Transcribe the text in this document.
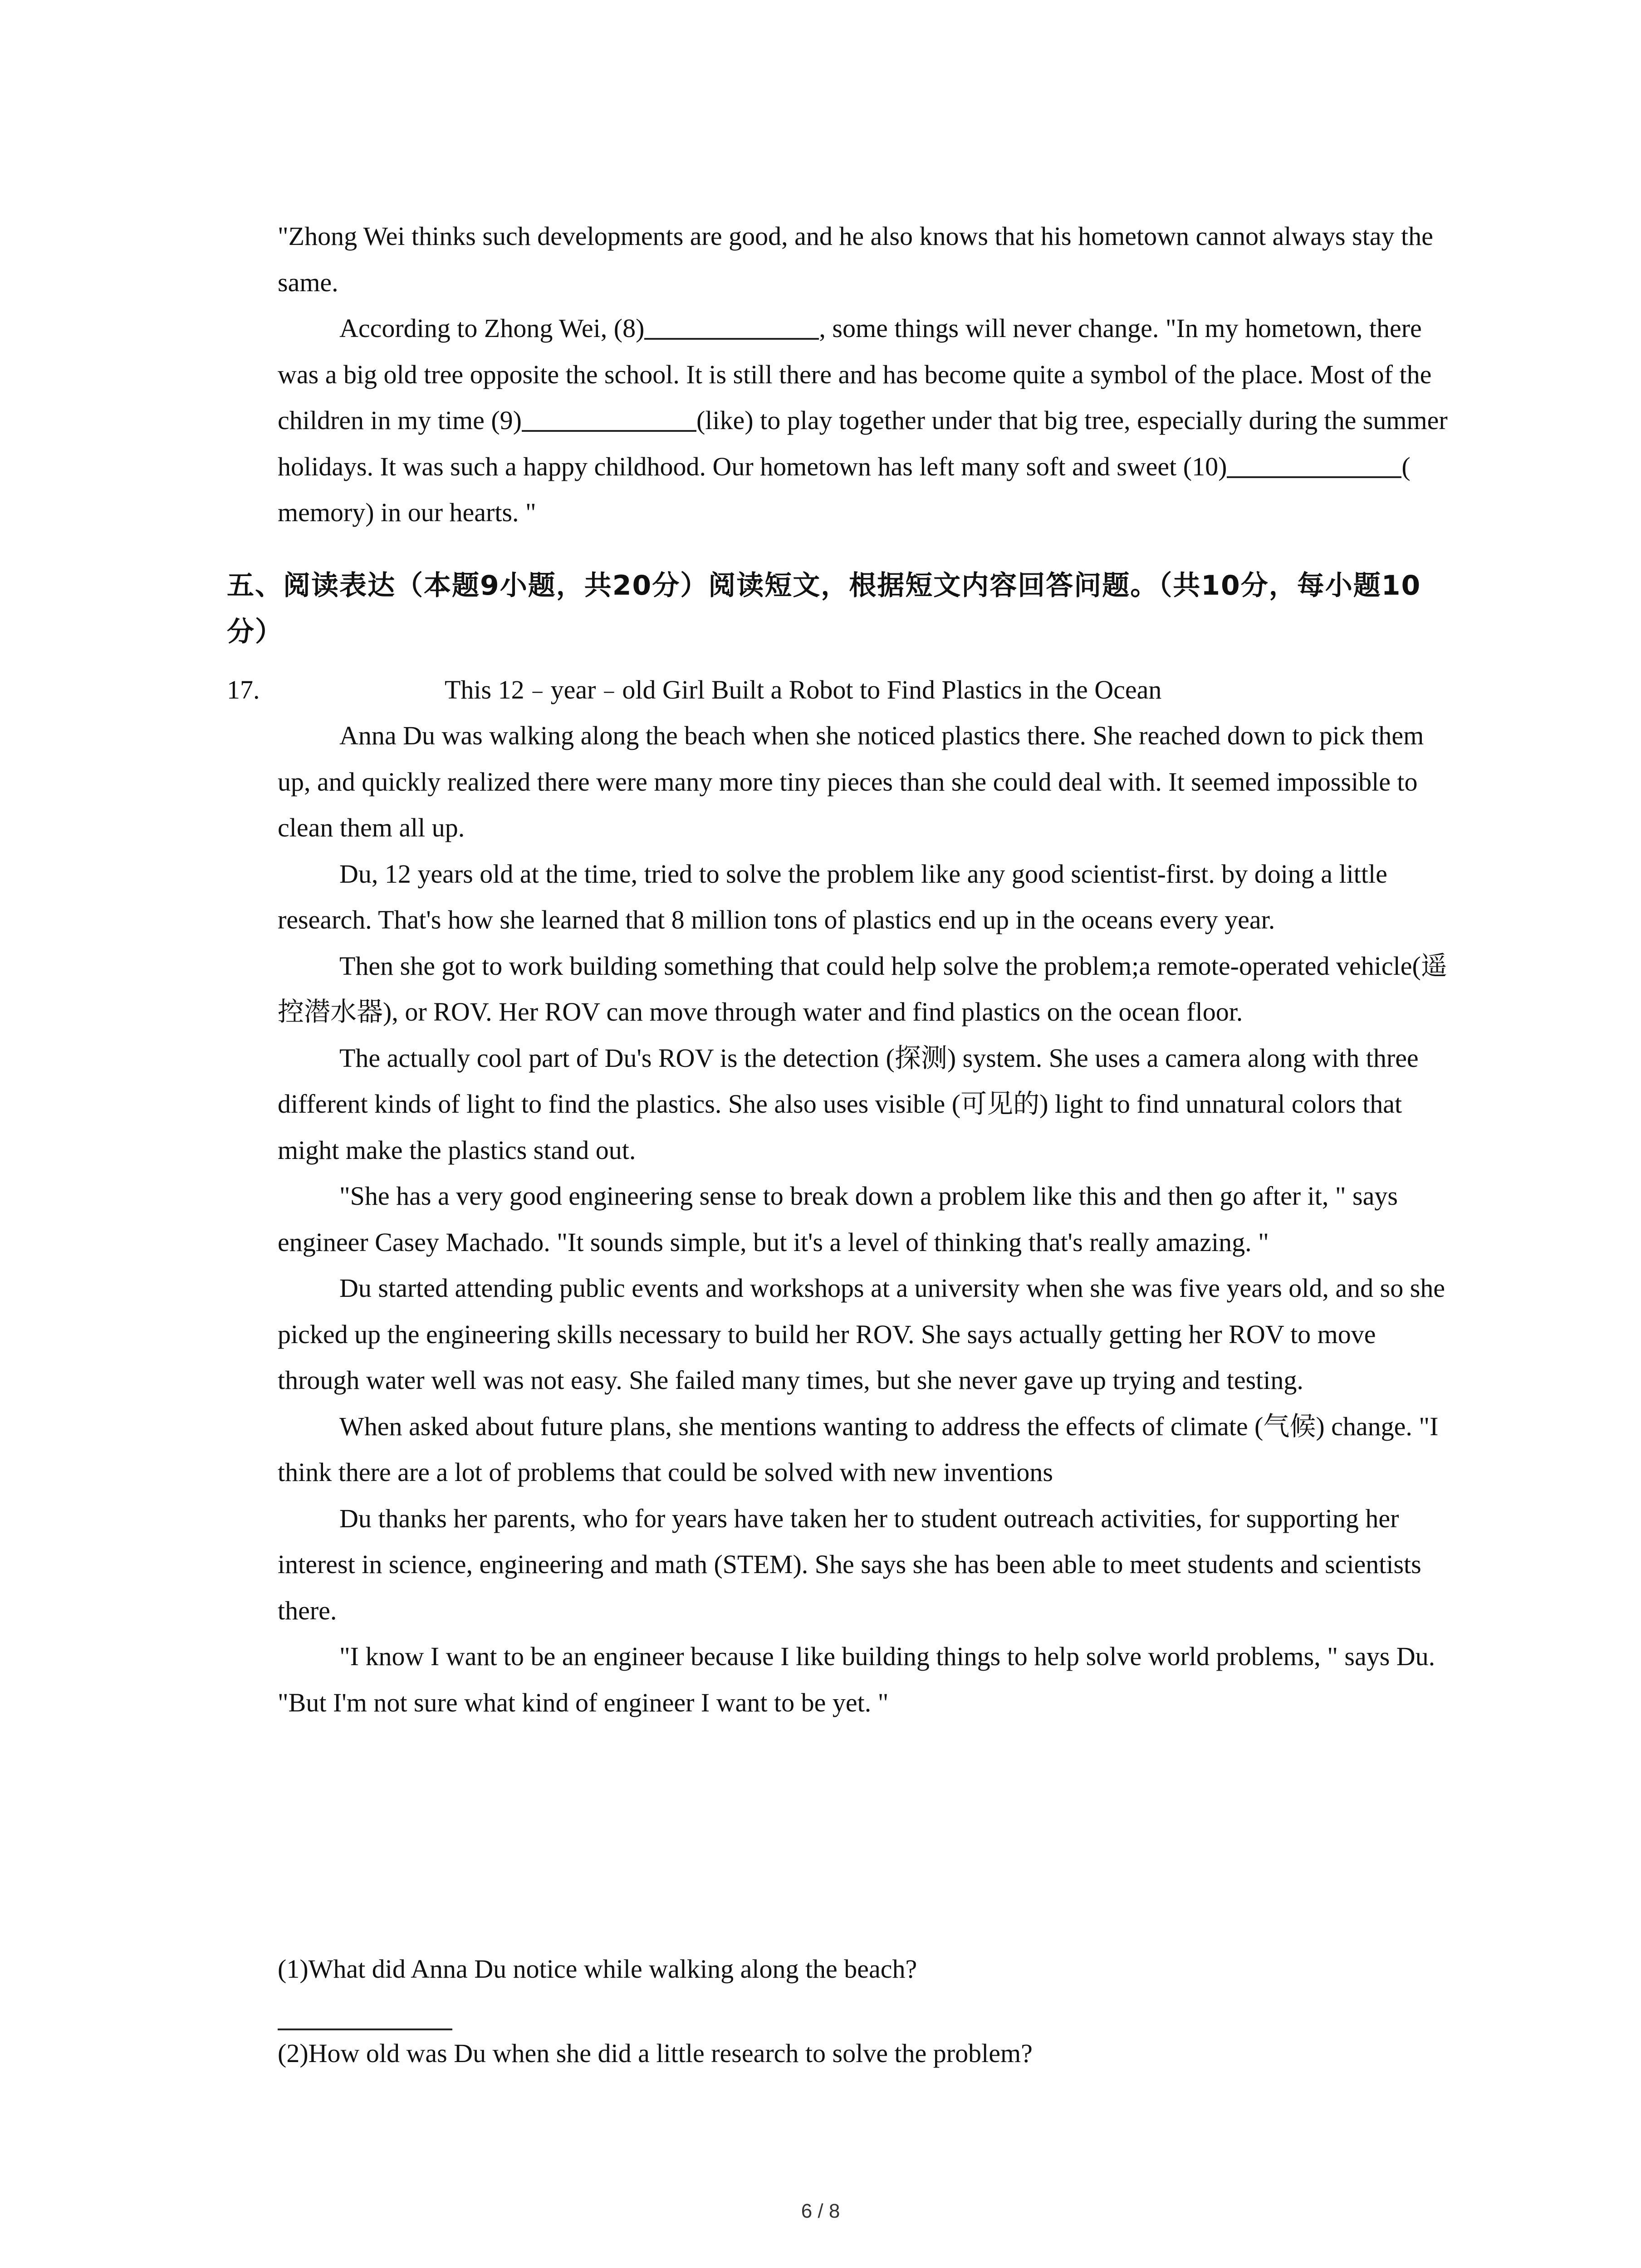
"Zhong Wei thinks such developments are good, and he also knows that his hometown cannot always stay the same.

According to Zhong Wei, (8)	, some things will never change. "In my hometown, there was a big old tree opposite the school. It is still there and has become quite a symbol of the place. Most of the children in my time (9)	(like) to play together under that big tree, especially during the summer holidays. It was such a happy childhood. Our hometown has left many soft and sweet (10)	( memory) in our hearts. "

五、阅读表达（本题9小题，共20分）阅读短文，根据短文内容回答问题。（共10分，每小题10分）

17.	This 12﹣year﹣old Girl Built a Robot to Find Plastics in the Ocean

Anna Du was walking along the beach when she noticed plastics there. She reached down to pick them up, and quickly realized there were many more tiny pieces than she could deal with. It seemed impossible to clean them all up.

Du, 12 years old at the time, tried to solve the problem like any good scientist-first. by doing a little research. That's how she learned that 8 million tons of plastics end up in the oceans every year.

Then she got to work building something that could help solve the problem;a remote-operated vehicle(遥控潜水器), or ROV. Her ROV can move through water and find plastics on the ocean floor.

The actually cool part of Du's ROV is the detection (探测) system. She uses a camera along with three different kinds of light to find the plastics. She also uses visible (可见的) light to find unnatural colors that might make the plastics stand out.

"She has a very good engineering sense to break down a problem like this and then go after it, " says engineer Casey Machado. "It sounds simple, but it's a level of thinking that's really amazing. "

Du started attending public events and workshops at a university when she was five years old, and so she picked up the engineering skills necessary to build her ROV. She says actually getting her ROV to move through water well was not easy. She failed many times, but she never gave up trying and testing.

When asked about future plans, she mentions wanting to address the effects of climate (气候) change. "I think there are a lot of problems that could be solved with new inventions

Du thanks her parents, who for years have taken her to student outreach activities, for supporting her interest in science, engineering and math (STEM). She says she has been able to meet students and scientists there.

"I know I want to be an engineer because I like building things to help solve world problems, " says Du. "But I'm not sure what kind of engineer I want to be yet. "

(1)What did Anna Du notice while walking along the beach?

(2)How old was Du when she did a little research to solve the problem?

6 / 8
